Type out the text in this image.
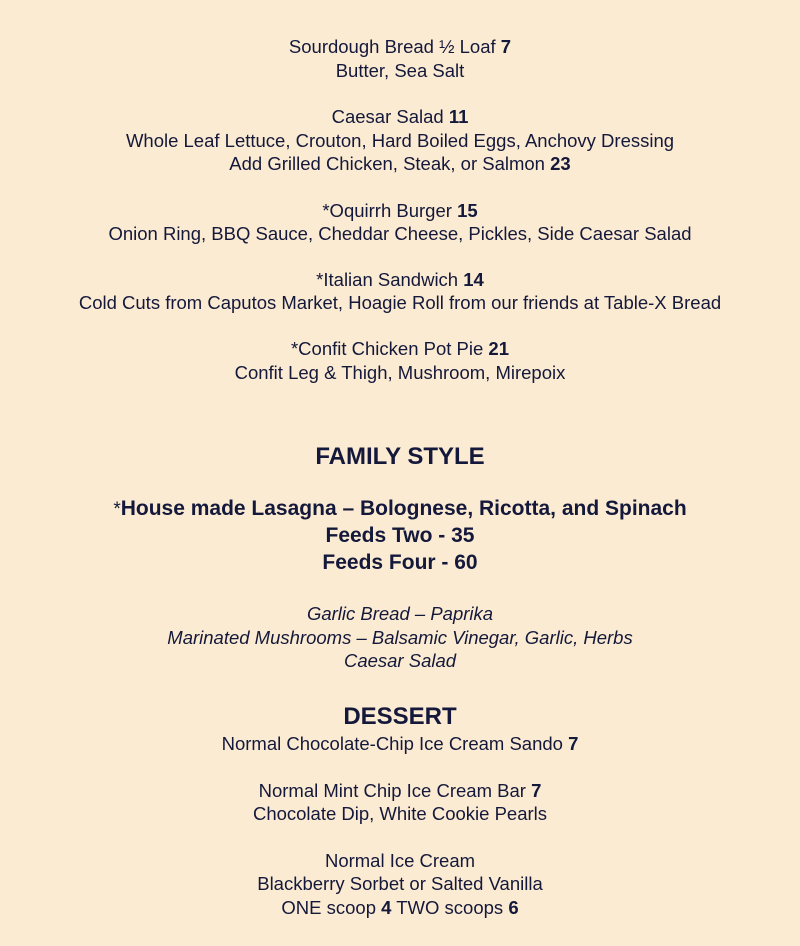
Sourdough Bread ½ Loaf 7
Butter, Sea Salt
Caesar Salad 11
Whole Leaf Lettuce, Crouton, Hard Boiled Eggs, Anchovy Dressing
Add Grilled Chicken, Steak, or Salmon 23
*Oquirrh Burger 15
Onion Ring, BBQ Sauce, Cheddar Cheese, Pickles, Side Caesar Salad
*Italian Sandwich 14
Cold Cuts from Caputos Market, Hoagie Roll from our friends at Table-X Bread
*Confit Chicken Pot Pie 21
Confit Leg & Thigh, Mushroom, Mirepoix
FAMILY STYLE
*House made Lasagna – Bolognese, Ricotta, and Spinach
Feeds Two - 35
Feeds Four - 60
Garlic Bread – Paprika
Marinated Mushrooms – Balsamic Vinegar, Garlic, Herbs
Caesar Salad
DESSERT
Normal Chocolate-Chip Ice Cream Sando 7
Normal Mint Chip Ice Cream Bar 7
Chocolate Dip, White Cookie Pearls
Normal Ice Cream
Blackberry Sorbet or Salted Vanilla
ONE scoop 4 TWO scoops 6
